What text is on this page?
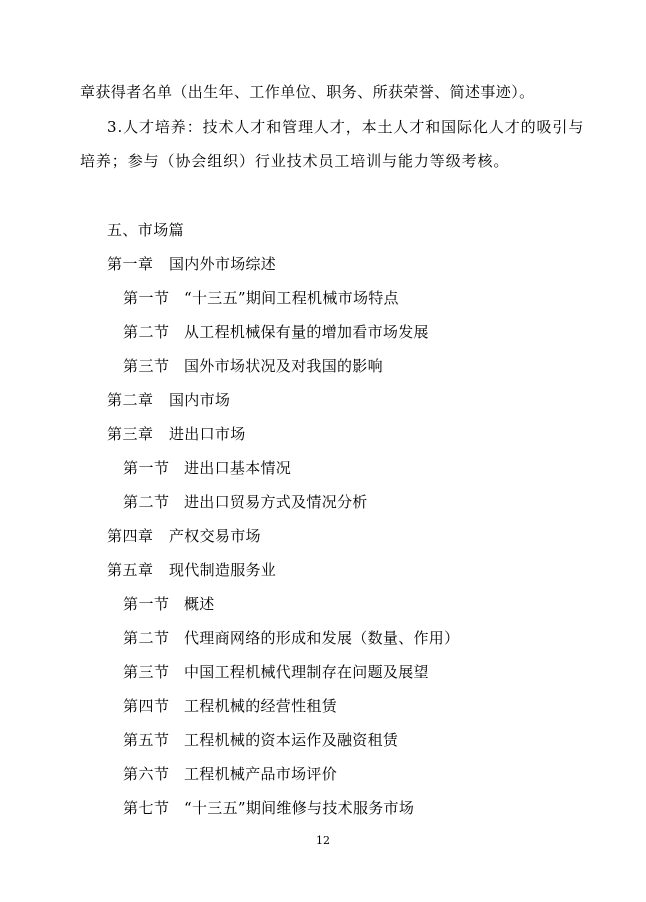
章获得者名单（出生年、工作单位、职务、所获荣誉、简述事迹）。
3.人才培养：技术人才和管理人才，本土人才和国际化人才的吸引与
培养；参与（协会组织）行业技术员工培训与能力等级考核。
五、市场篇
第一章 国内外市场综述
第一节 “十三五”期间工程机械市场特点
第二节 从工程机械保有量的增加看市场发展
第三节 国外市场状况及对我国的影响
第二章 国内市场
第三章 进出口市场
第一节 进出口基本情况
第二节 进出口贸易方式及情况分析
第四章 产权交易市场
第五章 现代制造服务业
第一节 概述
第二节 代理商网络的形成和发展（数量、作用）
第三节 中国工程机械代理制存在问题及展望
第四节 工程机械的经营性租赁
第五节 工程机械的资本运作及融资租赁
第六节 工程机械产品市场评价
第七节 “十三五”期间维修与技术服务市场
12
